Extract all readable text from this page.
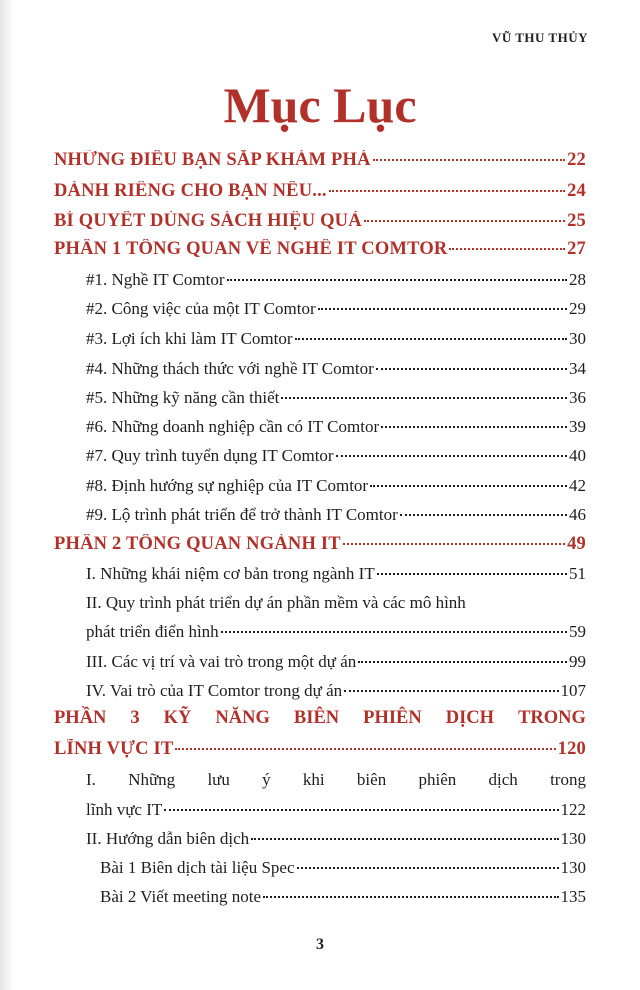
VŨ THU THỦY
Mục Lục
NHỮNG ĐIỀU BẠN SẮP KHÁM PHÁ	22
DÀNH RIÊNG CHO BẠN NẾU...	24
BÍ QUYẾT DÙNG SÁCH HIỆU QUẢ	25
PHẦN 1 TỔNG QUAN VỀ NGHỀ IT COMTOR	27
#1. Nghề IT Comtor	28
#2. Công việc của một IT Comtor	29
#3. Lợi ích khi làm IT Comtor	30
#4. Những thách thức với nghề IT Comtor	34
#5. Những kỹ năng cần thiết	36
#6. Những doanh nghiệp cần có IT Comtor	39
#7. Quy trình tuyển dụng IT Comtor	40
#8. Định hướng sự nghiệp của IT Comtor	42
#9. Lộ trình phát triển để trở thành IT Comtor	46
PHẦN 2 TỔNG QUAN NGÀNH IT	49
I. Những khái niệm cơ bản trong ngành IT	51
II. Quy trình phát triển dự án phần mềm và các mô hình
phát triển điển hình	59
III. Các vị trí và vai trò trong một dự án	99
IV. Vai trò của IT Comtor trong dự án	107
PHẦN 3 KỸ NĂNG BIÊN PHIÊN DỊCH TRONG
LĨNH VỰC IT	120
I. Những lưu ý khi biên phiên dịch trong
lĩnh vực IT	122
II. Hướng dẫn biên dịch	130
Bài 1 Biên dịch tài liệu Spec	130
Bài 2 Viết meeting note	135
3
